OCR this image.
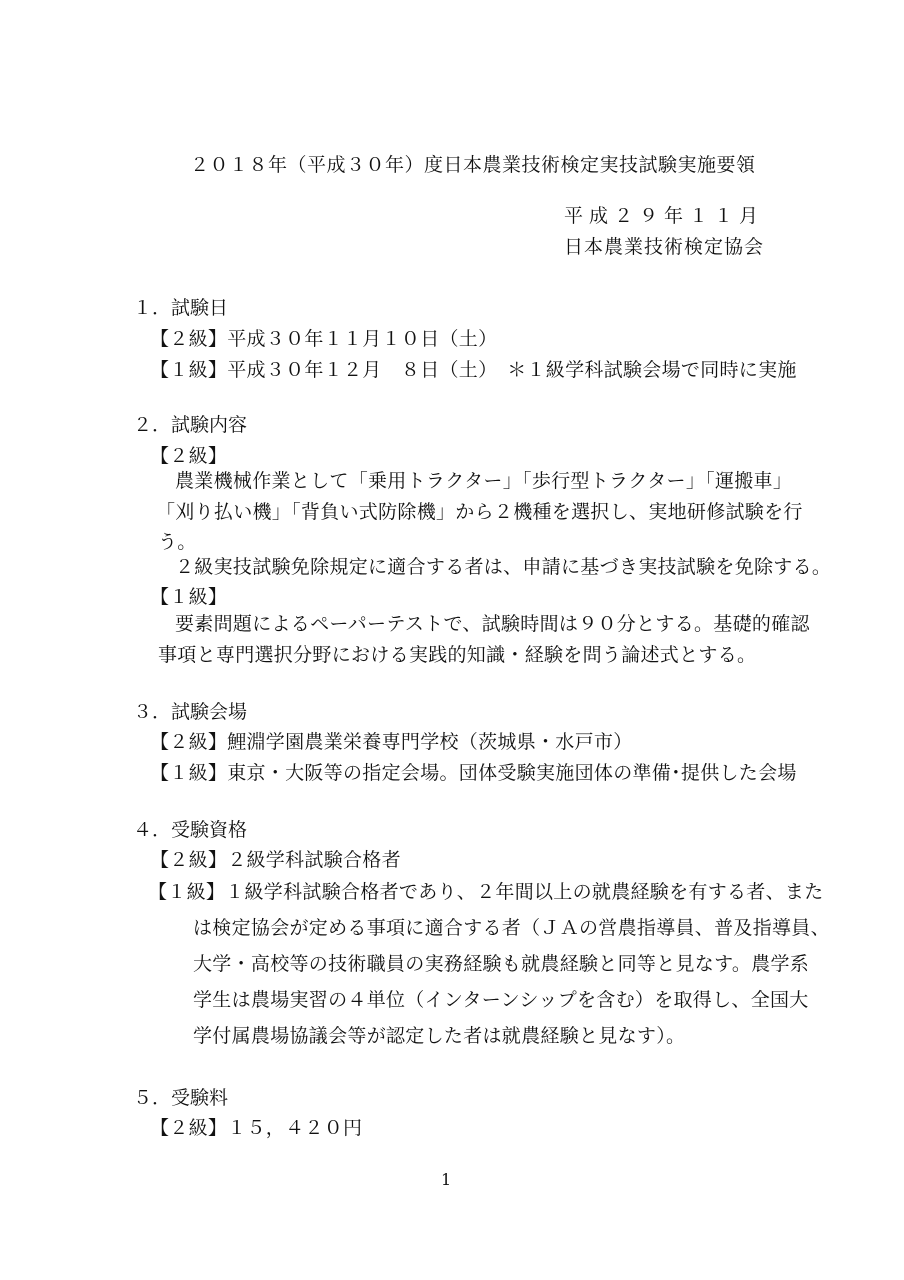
２０１８年（平成３０年）度日本農業技術検定実技試験実施要領
平成２９年１１月
日本農業技術検定協会
１．試験日
【２級】平成３０年１１月１０日（土）
【１級】平成３０年１２月　８日（土）　＊１級学科試験会場で同時に実施
２．試験内容
【２級】
農業機械作業として「乗用トラクター」「歩行型トラクター」「運搬車」
「刈り払い機」「背負い式防除機」から２機種を選択し、実地研修試験を行
う。
２級実技試験免除規定に適合する者は、申請に基づき実技試験を免除する。
【１級】
要素問題によるペーパーテストで、試験時間は９０分とする。基礎的確認
事項と専門選択分野における実践的知識・経験を問う論述式とする。
３．試験会場
【２級】鯉淵学園農業栄養専門学校（茨城県・水戸市）
【１級】東京・大阪等の指定会場。団体受験実施団体の準備･提供した会場
４．受験資格
【２級】２級学科試験合格者
【１級】１級学科試験合格者であり、２年間以上の就農経験を有する者、また
は検定協会が定める事項に適合する者（ＪＡの営農指導員、普及指導員、
大学・高校等の技術職員の実務経験も就農経験と同等と見なす。農学系
学生は農場実習の４単位（インターンシップを含む）を取得し、全国大
学付属農場協議会等が認定した者は就農経験と見なす）。
５．受験料
【２級】１５，４２０円
1
